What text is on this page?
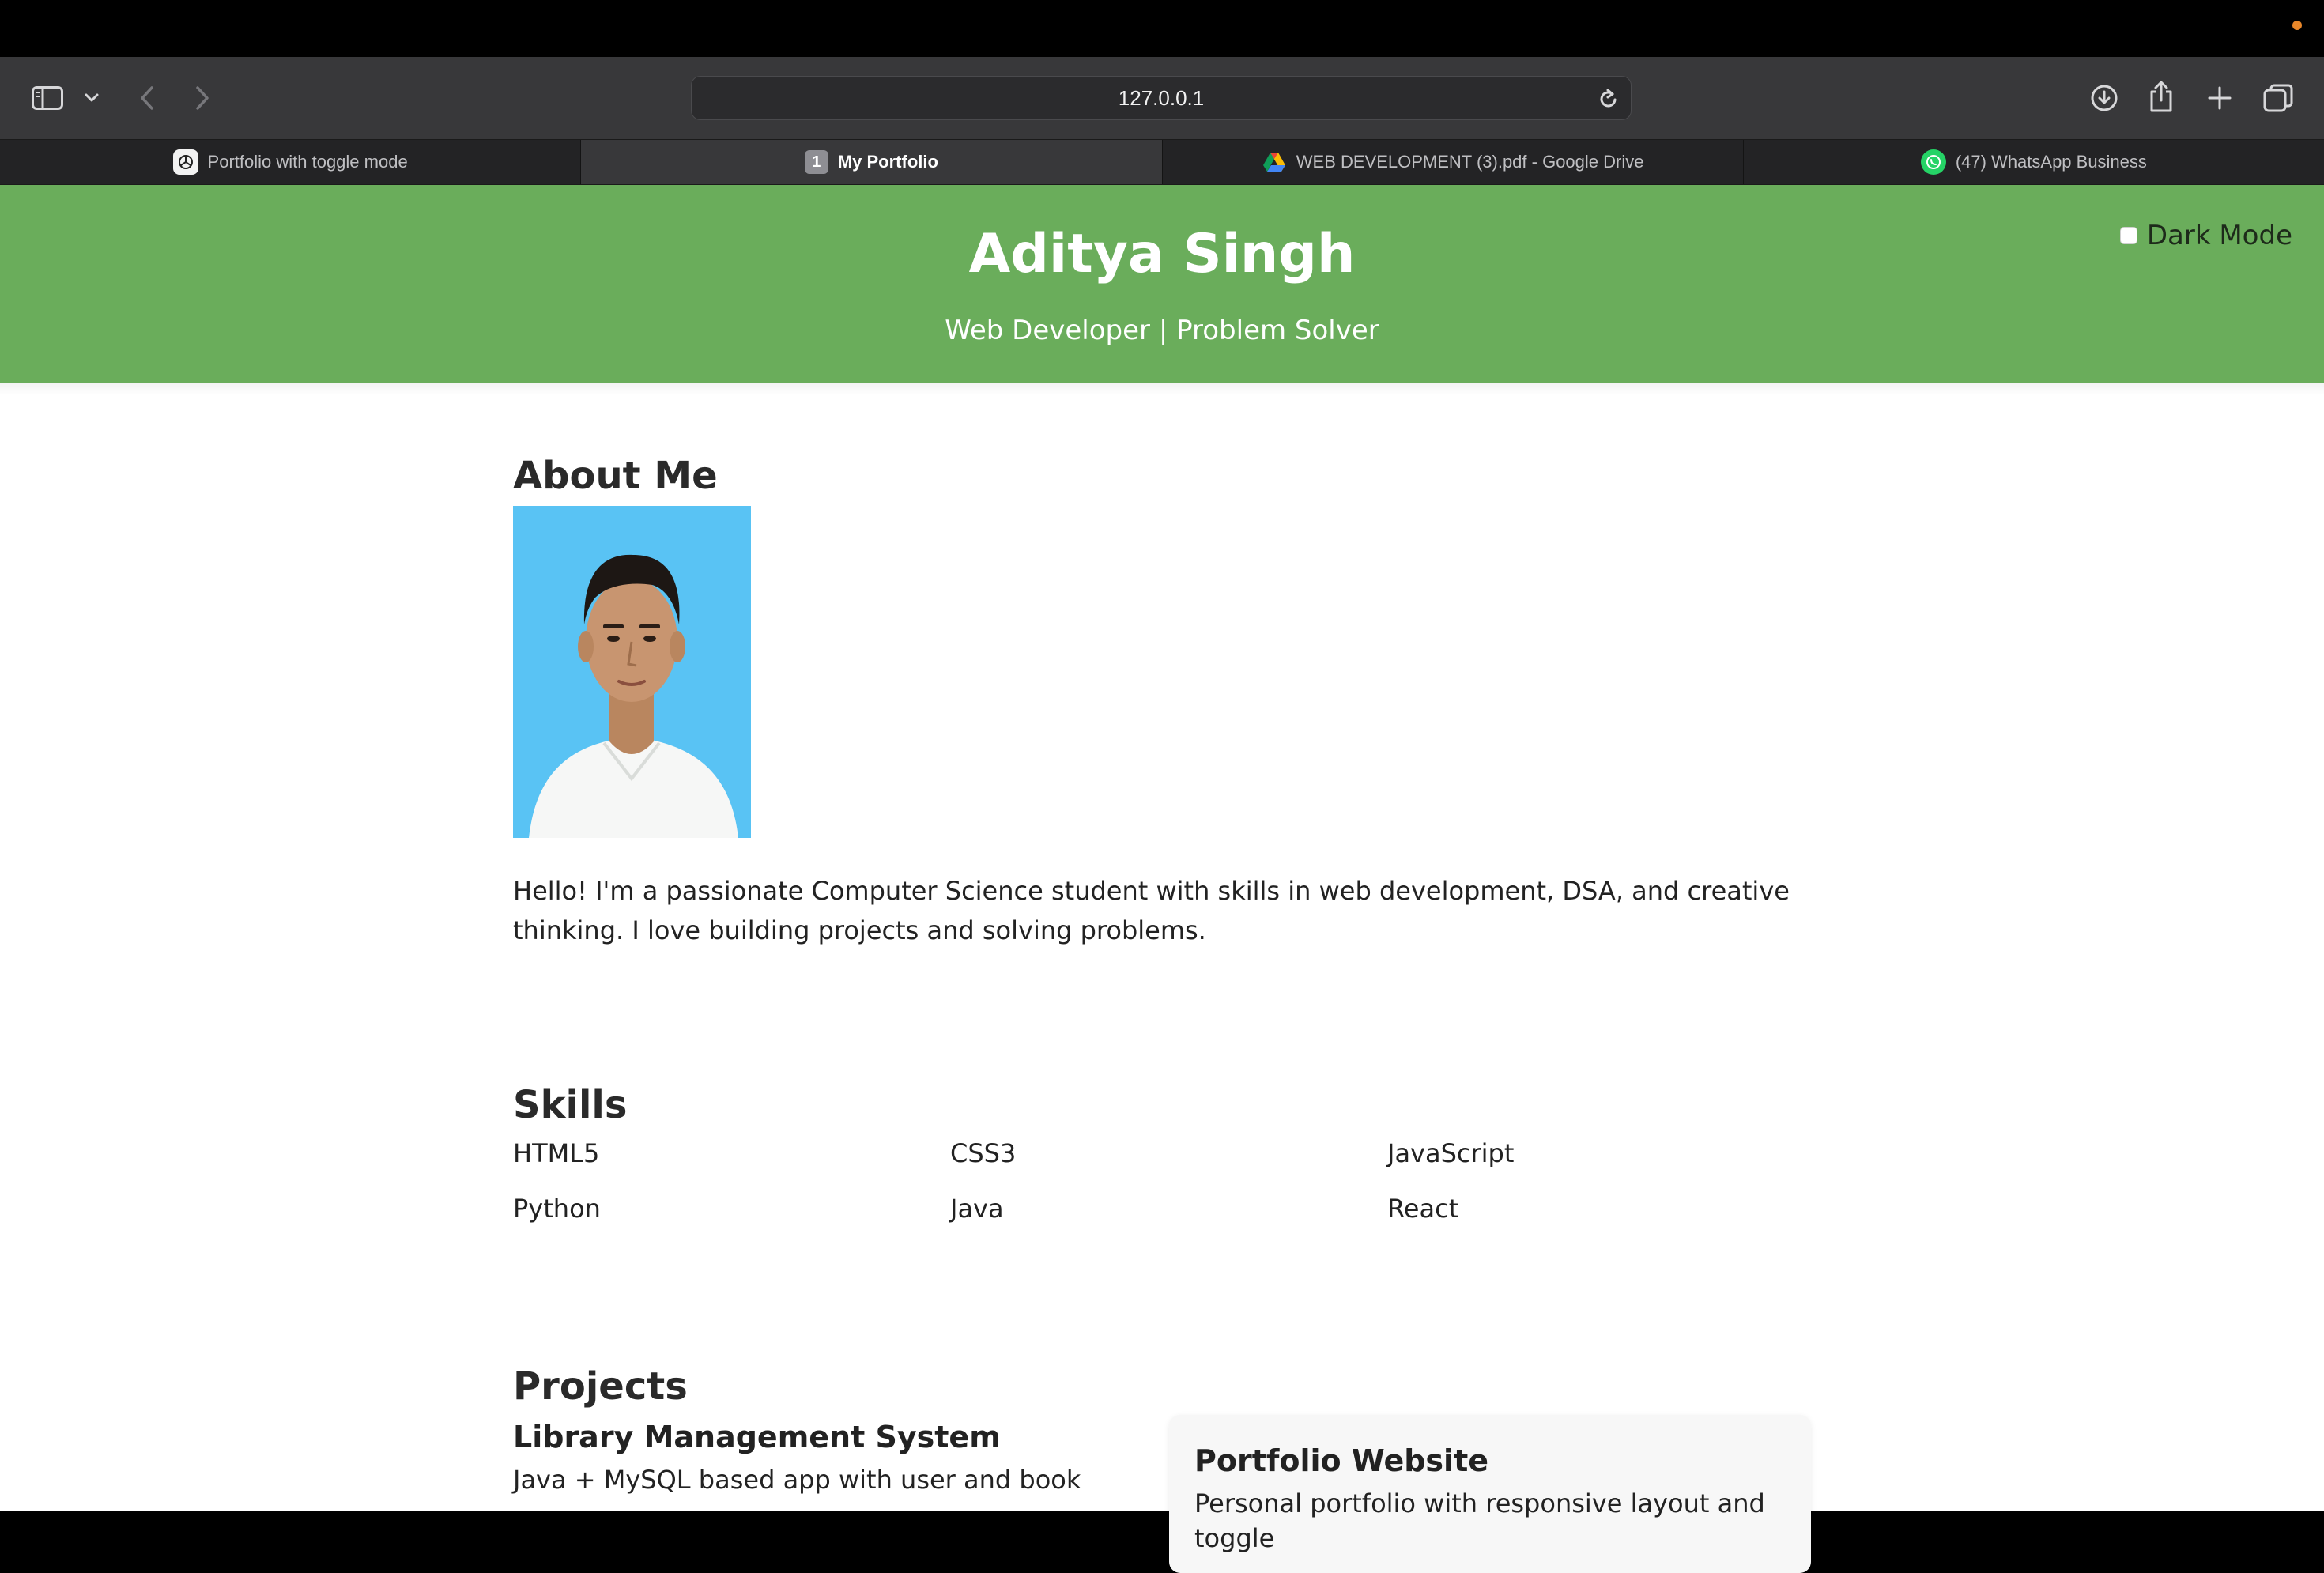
127.0.0.1
Portfolio with toggle mode	1 My Portfolio	WEB DEVELOPMENT (3).pdf - Google Drive	(47) WhatsApp Business
Aditya Singh
Web Developer | Problem Solver
Dark Mode
About Me

Hello! I'm a passionate Computer Science student with skills in web development, DSA, and creative thinking. I love building projects and solving problems.

Skills
HTML5	CSS3	JavaScript
Python	Java	React
Projects
Library Management System
Java + MySQL based app with user and book
Portfolio Website
Personal portfolio with responsive layout and toggle
